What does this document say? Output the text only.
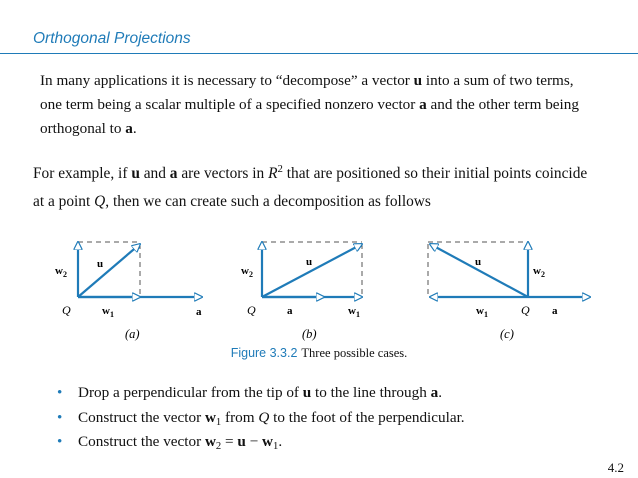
Orthogonal Projections

In many applications it is necessary to “decompose” a vector u into a sum of two terms,
one term being a scalar multiple of a specified nonzero vector a and the other term being
orthogonal to a.

For example, if u and a are vectors in $R^2$ that are positioned so their initial points coincide
at a point Q, then we can create such a decomposition as follows

u
$w_2$
Q	$w_1$	a
(a)
u
$w_2$
Q	a	$w_1$
(b)
u
$w_2$
$w_1$	Q a
(c)
Figure 3.3.2 Three possible cases.
• Drop a perpendicular from the tip of u to the line through a.
• Construct the vector $w_1$ from Q to the foot of the perpendicular.
• Construct the vector $w_2 = u - w_1$.
4.2
